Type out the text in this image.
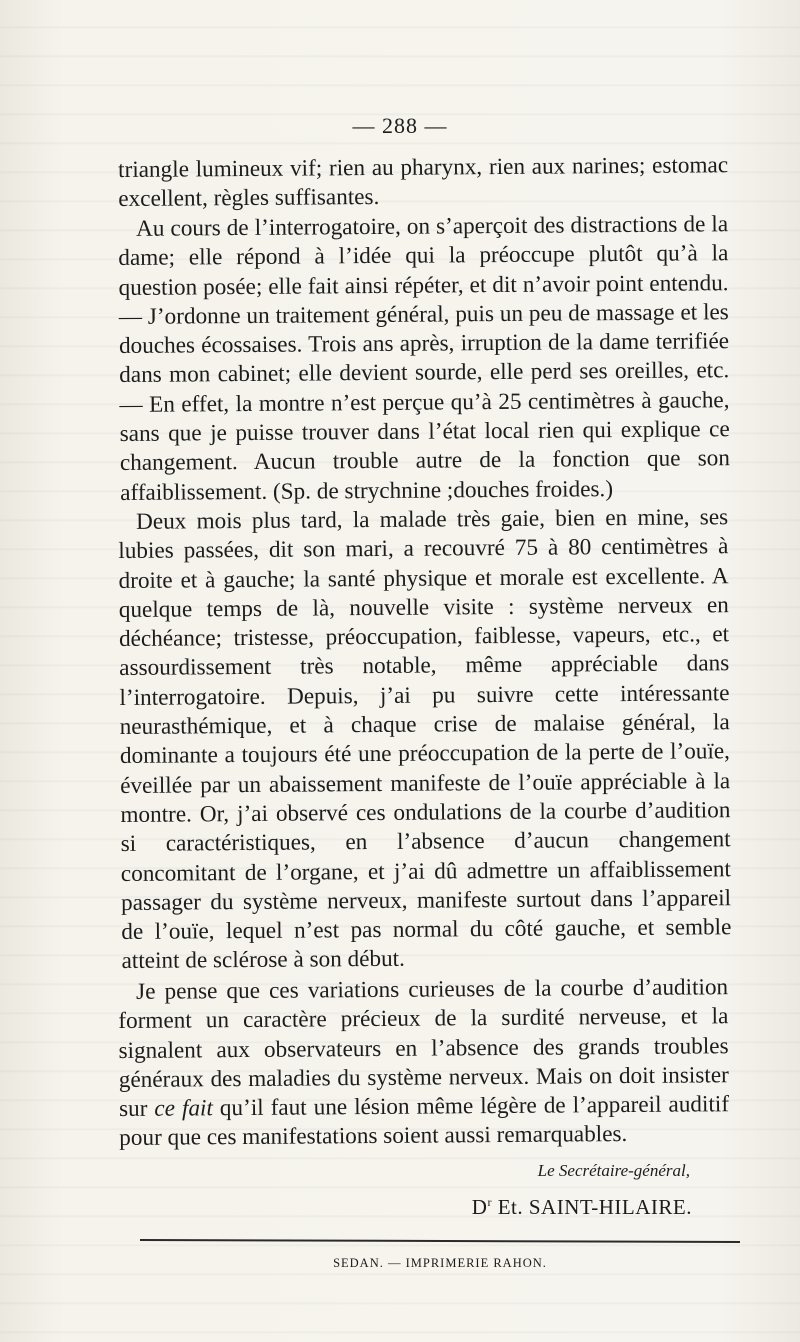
— 288 —

triangle lumineux vif; rien au pharynx, rien aux narines; estomac excellent, règles suffisantes.

Au cours de l’interrogatoire, on s’aperçoit des distractions de la dame; elle répond à l’idée qui la préoccupe plutôt qu’à la question posée; elle fait ainsi répéter, et dit n’avoir point entendu. — J’ordonne un traitement général, puis un peu de massage et les douches écossaises. Trois ans après, irruption de la dame terrifiée dans mon cabinet; elle devient sourde, elle perd ses oreilles, etc. — En effet, la montre n’est perçue qu’à 25 centimètres à gauche, sans que je puisse trouver dans l’état local rien qui explique ce changement. Aucun trouble autre de la fonction que son affaiblissement. (Sp. de strychnine ;douches froides.)

Deux mois plus tard, la malade très gaie, bien en mine, ses lubies passées, dit son mari, a recouvré 75 à 80 centimètres à droite et à gauche; la santé physique et morale est excellente. A quelque temps de là, nouvelle visite : système nerveux en déchéance; tristesse, préoccupation, faiblesse, vapeurs, etc., et assourdissement très notable, même appréciable dans l’interrogatoire. Depuis, j’ai pu suivre cette intéressante neurasthémique, et à chaque crise de malaise général, la dominante a toujours été une préoccupation de la perte de l’ouïe, éveillée par un abaissement manifeste de l’ouïe appréciable à la montre. Or, j’ai observé ces ondulations de la courbe d’audition si caractéristiques, en l’absence d’aucun changement concomitant de l’organe, et j’ai dû admettre un affaiblissement passager du système nerveux, manifeste surtout dans l’appareil de l’ouïe, lequel n’est pas normal du côté gauche, et semble atteint de sclérose à son début.

Je pense que ces variations curieuses de la courbe d’audition forment un caractère précieux de la surdité nerveuse, et la signalent aux observateurs en l’absence des grands troubles généraux des maladies du système nerveux. Mais on doit insister sur ce fait qu’il faut une lésion même légère de l’appareil auditif pour que ces manifestations soient aussi remarquables.

Le Secrétaire-général,
$D^r$ Et. SAINT-HILAIRE.
SEDAN. — IMPRIMERIE RAHON.
